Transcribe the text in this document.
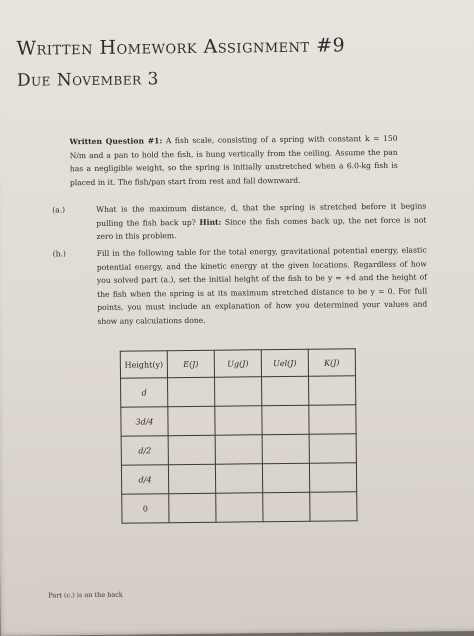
Written Homework Assignment #9
Due November 3
Written Question #1: A fish scale, consisting of a spring with constant k = 150 N/m and a pan to hold the fish, is hung vertically from the ceiling. Assume the pan has a negligible weight, so the spring is initially unstretched when a 6.0-kg fish is placed in it. The fish/pan start from rest and fall downward.
(a.)	What is the maximum distance, d, that the spring is stretched before it begins pulling the fish back up? Hint: Since the fish comes back up, the net force is not zero in this problem.
(b.)	Fill in the following table for the total energy, gravitational potential energy, elastic potential energy, and the kinetic energy at the given locations. Regardless of how you solved part (a.), set the initial height of the fish to be y = +d and the height of the fish when the spring is at its maximum stretched distance to be y = 0. For full points, you must include an explanation of how you determined your values and show any calculations done.
Height(y)	E(J)	Ug(J)	Uel(J)	K(J)
d				
3d/4				
d/2				
d/4				
0				
Part (c.) is on the back
